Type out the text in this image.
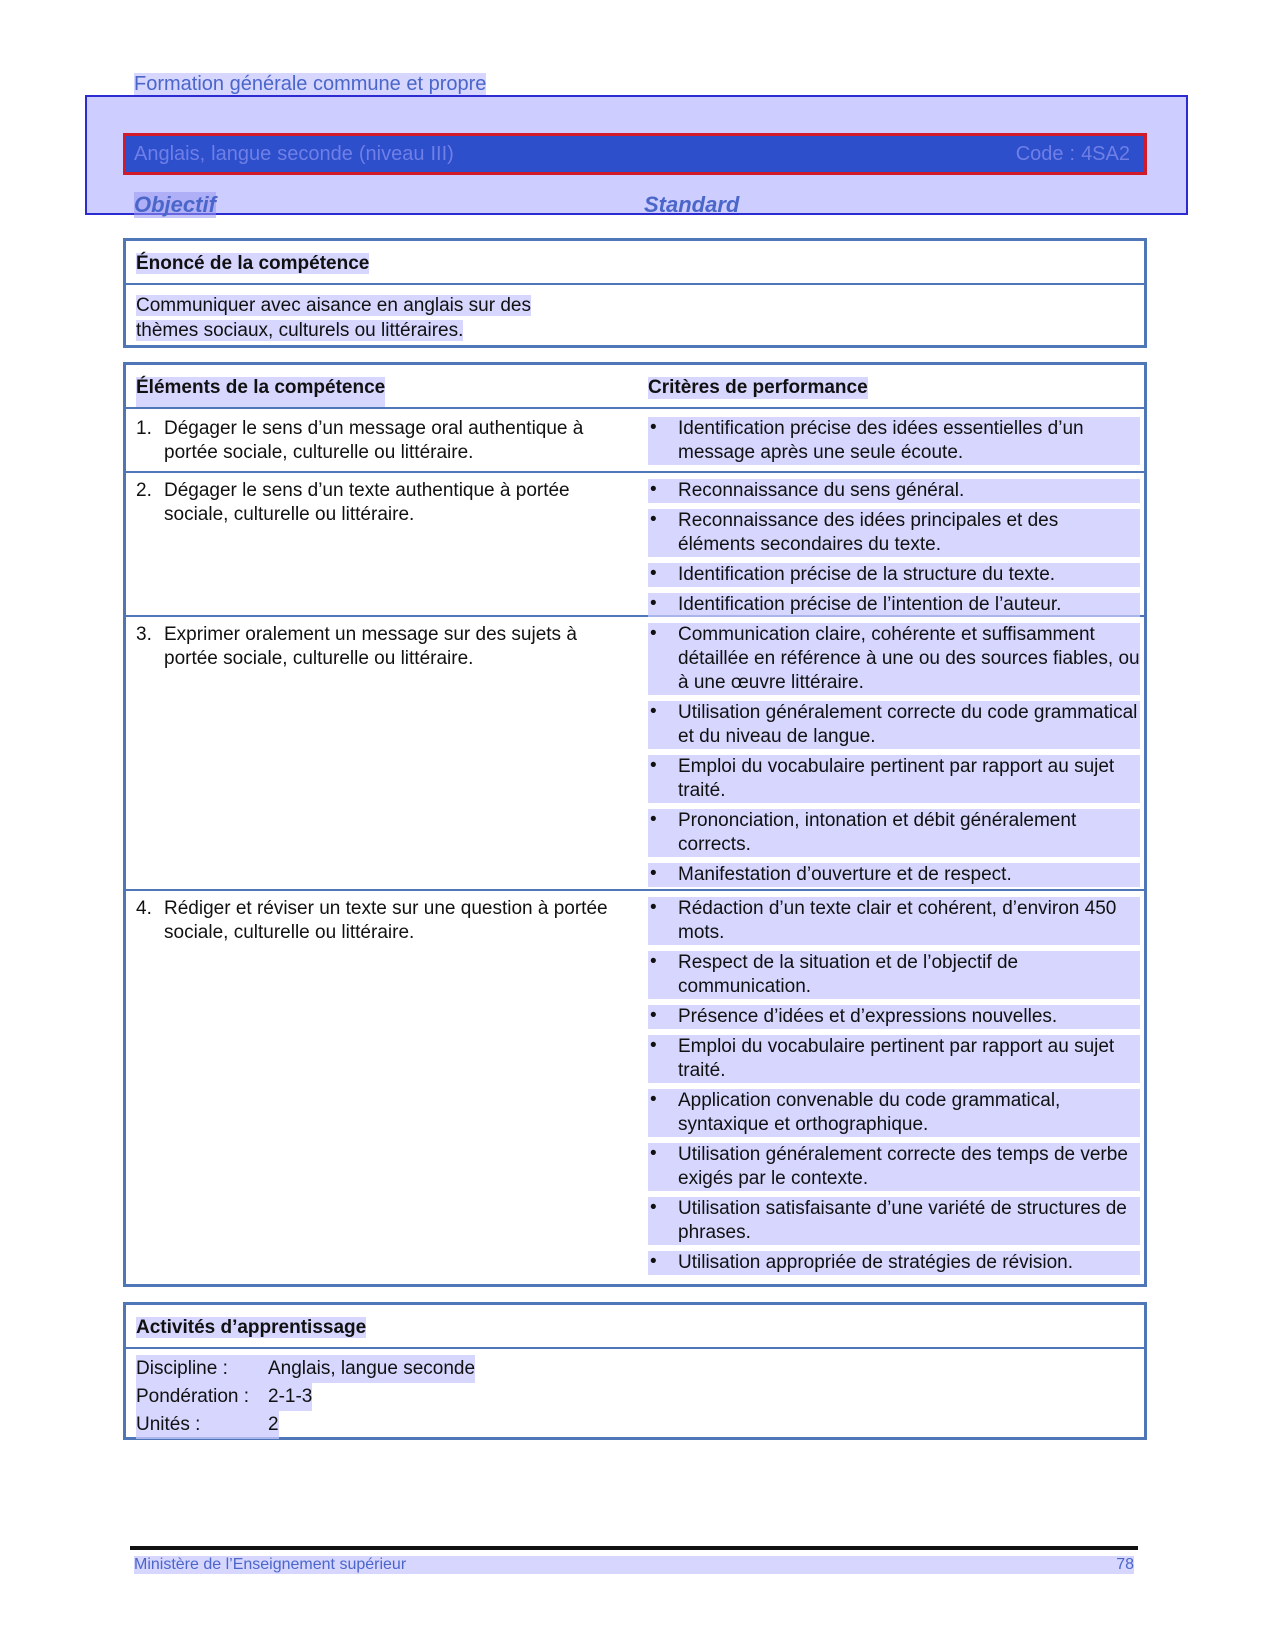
Formation générale commune et propre
Anglais, langue seconde (niveau III)	Code : 4SA2
Objectif	Standard
Énoncé de la compétence
Communiquer avec aisance en anglais sur des
thèmes sociaux, culturels ou littéraires.
Éléments de la compétence	Critères de performance
1. Dégager le sens d’un message oral authentique à portée sociale, culturelle ou littéraire.
• Identification précise des idées essentielles d’un message après une seule écoute.
2. Dégager le sens d’un texte authentique à portée sociale, culturelle ou littéraire.
• Reconnaissance du sens général.
• Reconnaissance des idées principales et des éléments secondaires du texte.
• Identification précise de la structure du texte.
• Identification précise de l’intention de l’auteur.
3. Exprimer oralement un message sur des sujets à portée sociale, culturelle ou littéraire.
• Communication claire, cohérente et suffisamment détaillée en référence à une ou des sources fiables, ou à une œuvre littéraire.
• Utilisation généralement correcte du code grammatical et du niveau de langue.
• Emploi du vocabulaire pertinent par rapport au sujet traité.
• Prononciation, intonation et débit généralement corrects.
• Manifestation d’ouverture et de respect.
4. Rédiger et réviser un texte sur une question à portée sociale, culturelle ou littéraire.
• Rédaction d’un texte clair et cohérent, d’environ 450 mots.
• Respect de la situation et de l’objectif de communication.
• Présence d’idées et d’expressions nouvelles.
• Emploi du vocabulaire pertinent par rapport au sujet traité.
• Application convenable du code grammatical, syntaxique et orthographique.
• Utilisation généralement correcte des temps de verbe exigés par le contexte.
• Utilisation satisfaisante d’une variété de structures de phrases.
• Utilisation appropriée de stratégies de révision.
Activités d’apprentissage
Discipline : Anglais, langue seconde
Pondération : 2-1-3
Unités :	2
Ministère de l’Enseignement supérieur	78
